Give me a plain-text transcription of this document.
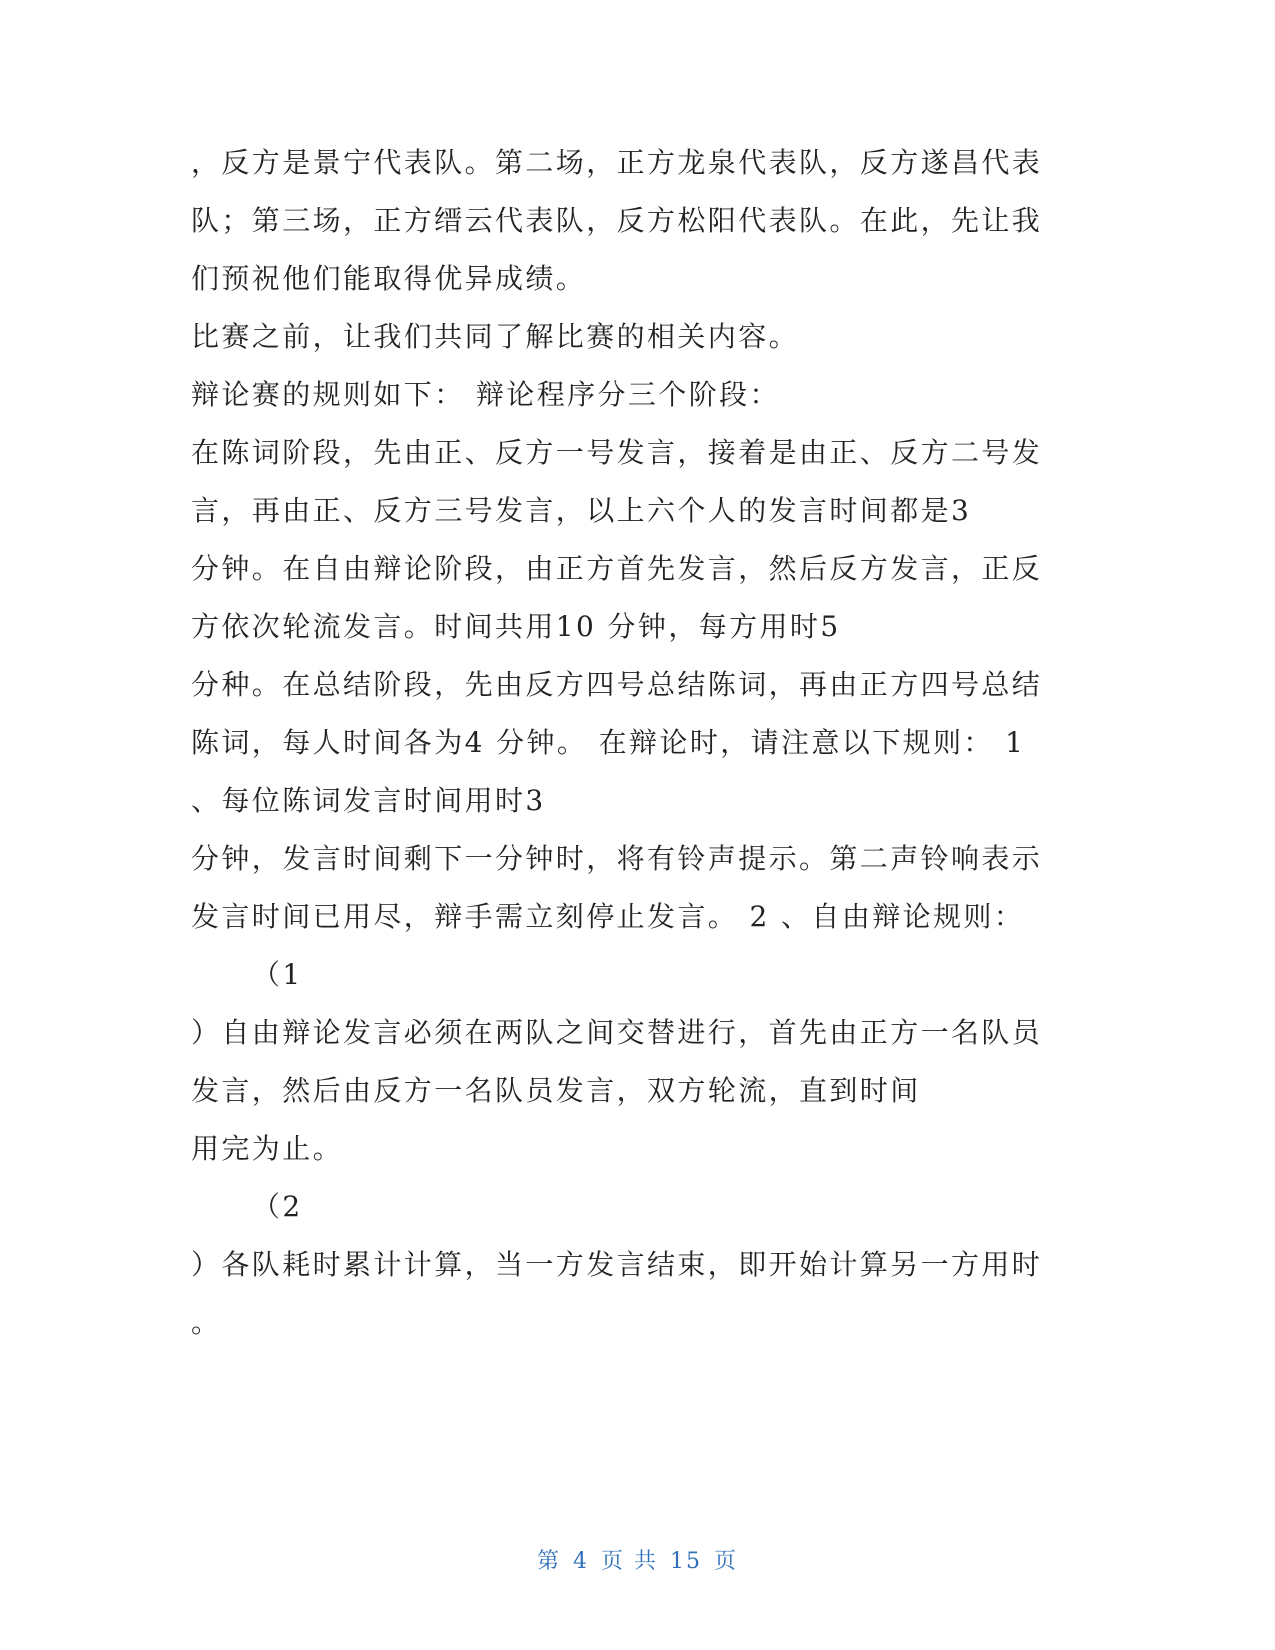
，反方是景宁代表队。第二场，正方龙泉代表队，反方遂昌代表
队；第三场，正方缙云代表队，反方松阳代表队。在此，先让我
们预祝他们能取得优异成绩。
比赛之前，让我们共同了解比赛的相关内容。
辩论赛的规则如下： 辩论程序分三个阶段：
在陈词阶段，先由正、反方一号发言，接着是由正、反方二号发
言，再由正、反方三号发言，以上六个人的发言时间都是3
分钟。在自由辩论阶段，由正方首先发言，然后反方发言，正反
方依次轮流发言。时间共用10 分钟，每方用时5
分种。在总结阶段，先由反方四号总结陈词，再由正方四号总结
陈词，每人时间各为4 分钟。 在辩论时，请注意以下规则： 1
、每位陈词发言时间用时3
分钟，发言时间剩下一分钟时，将有铃声提示。第二声铃响表示
发言时间已用尽，辩手需立刻停止发言。 2 、自由辩论规则：
（1
）自由辩论发言必须在两队之间交替进行，首先由正方一名队员
发言，然后由反方一名队员发言，双方轮流，直到时间
用完为止。
（2
）各队耗时累计计算，当一方发言结束，即开始计算另一方用时
。
第 4 页 共 15 页
